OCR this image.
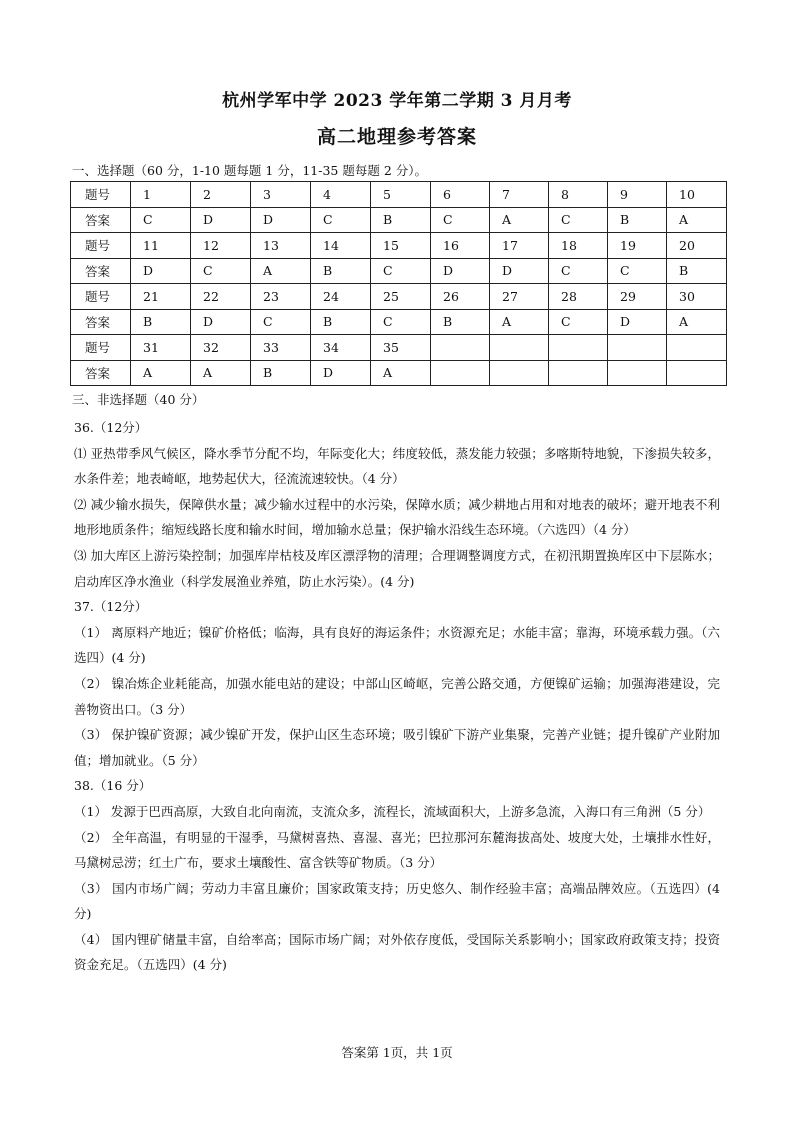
杭州学军中学 2023 学年第二学期 3 月月考
高二地理参考答案
一、选择题（60 分，1-10 题每题 1 分，11-35 题每题 2 分）。
题号	1	2	3	4	5	6	7	8	9	10
答案	C	D	D	C	B	C	A	C	B	A
题号	11	12	13	14	15	16	17	18	19	20
答案	D	C	A	B	C	D	D	C	C	B
题号	21	22	23	24	25	26	27	28	29	30
答案	B	D	C	B	C	B	A	C	D	A
题号	31	32	33	34	35					
答案	A	A	B	D	A					
三、非选择题（40 分）
36.（12分）
⑴ 亚热带季风气候区，降水季节分配不均，年际变化大；纬度较低，蒸发能力较强；多喀斯特地貌，下渗损失较多，水条件差；地表崎岖，地势起伏大，径流流速较快。（4 分）
⑵ 减少输水损失，保障供水量；减少输水过程中的水污染，保障水质；减少耕地占用和对地表的破坏；避开地表不利地形地质条件；缩短线路长度和输水时间，增加输水总量；保护输水沿线生态环境。（六选四）（4 分）
⑶ 加大库区上游污染控制；加强库岸枯枝及库区漂浮物的清理；合理调整调度方式，在初汛期置换库区中下层陈水；启动库区净水渔业（科学发展渔业养殖，防止水污染）。(4 分)
37.（12分）
（1） 离原料产地近；镍矿价格低；临海，具有良好的海运条件；水资源充足；水能丰富；靠海，环境承载力强。（六选四）(4 分)
（2） 镍冶炼企业耗能高，加强水能电站的建设；中部山区崎岖，完善公路交通，方便镍矿运输；加强海港建设，完善物资出口。（3 分）
（3） 保护镍矿资源；减少镍矿开发，保护山区生态环境；吸引镍矿下游产业集聚，完善产业链；提升镍矿产业附加值；增加就业。（5 分）
38.（16 分）
（1） 发源于巴西高原，大致自北向南流，支流众多，流程长，流域面积大，上游多急流，入海口有三角洲（5 分）
（2） 全年高温，有明显的干湿季，马黛树喜热、喜湿、喜光；巴拉那河东麓海拔高处、坡度大处，土壤排水性好，马黛树忌涝；红土广布，要求土壤酸性、富含铁等矿物质。（3 分）
（3） 国内市场广阔；劳动力丰富且廉价；国家政策支持；历史悠久、制作经验丰富；高端品牌效应。（五选四）(4 分)
（4） 国内锂矿储量丰富，自给率高；国际市场广阔；对外依存度低，受国际关系影响小；国家政府政策支持；投资资金充足。（五选四）(4 分)
答案第 1页，共 1页
